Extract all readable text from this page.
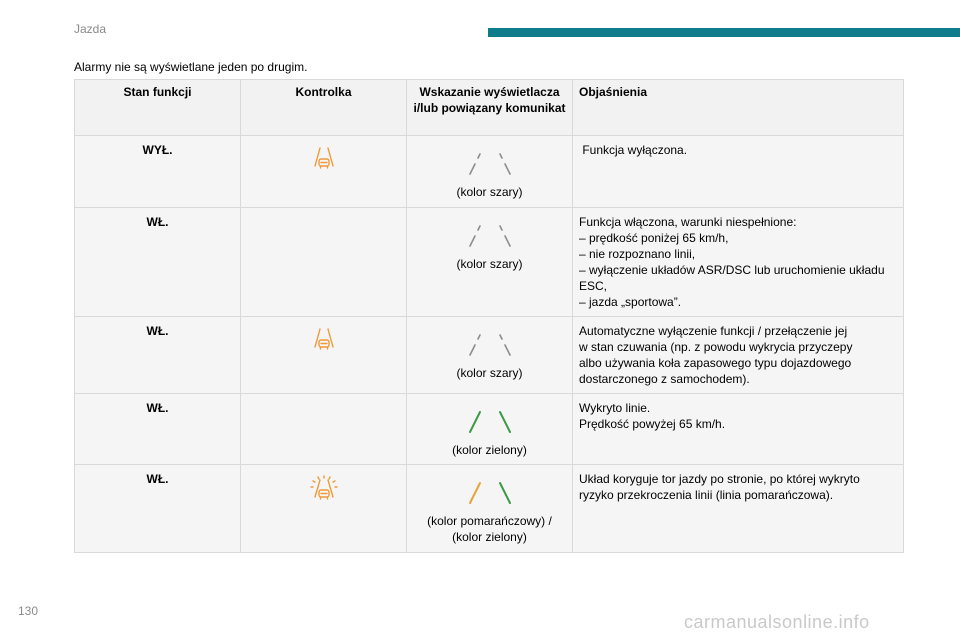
Jazda
Alarmy nie są wyświetlane jeden po drugim.
Stan funkcji	Kontrolka	Wskazanie wyświetlacza i/lub powiązany komunikat	Objaśnienia
WYŁ.		(kolor szary)	Funkcja wyłączona.

WŁ.		(kolor szary)	Funkcja włączona, warunki niespełnione:
– prędkość poniżej 65 km/h,
– nie rozpoznano linii,
– wyłączenie układów ASR/DSC lub uruchomienie układu ESC,
– jazda „sportowa”.

WŁ.		(kolor szary)	Automatyczne wyłączenie funkcji / przełączenie jej
w stan czuwania (np. z powodu wykrycia przyczepy
albo używania koła zapasowego typu dojazdowego
dostarczonego z samochodem).

WŁ.		(kolor zielony)	Wykryto linie.
Prędkość powyżej 65 km/h.

WŁ.		(kolor pomarańczowy) / (kolor zielony)	Układ koryguje tor jazdy po stronie, po której wykryto
ryzyko przekroczenia linii (linia pomarańczowa).
130
carmanualsonline.info
